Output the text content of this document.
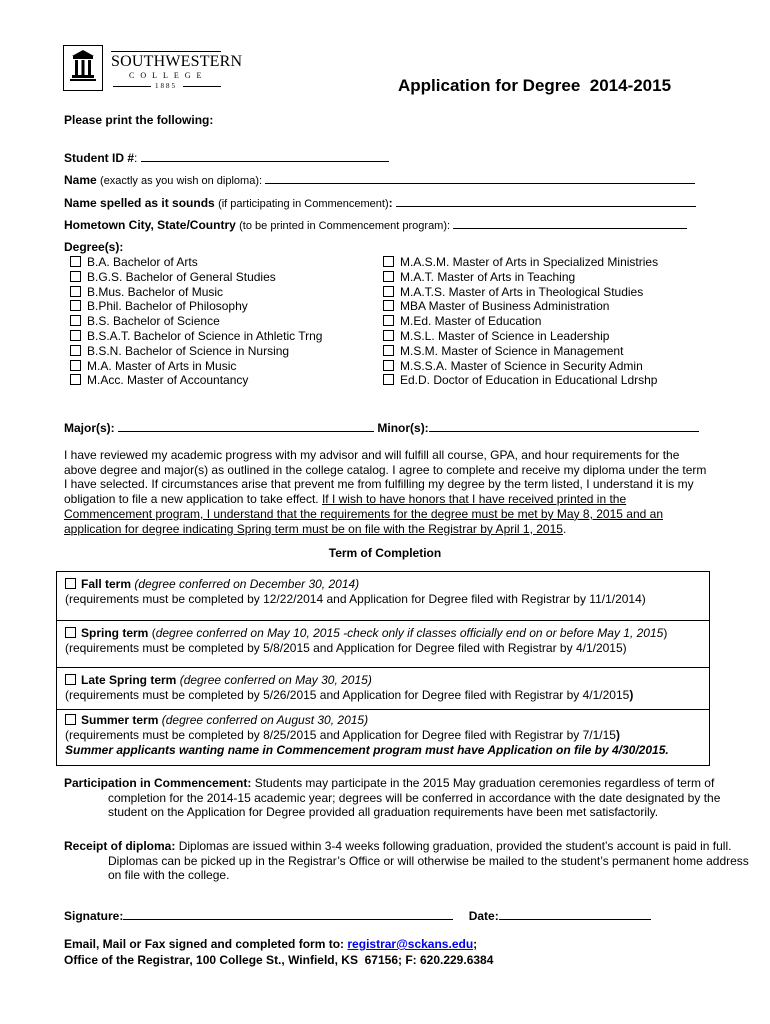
SOUTHWESTERN
COLLEGE
1885	Application for Degree  2014-2015
Please print the following:
Student ID #:
Name (exactly as you wish on diploma):
Name spelled as it sounds (if participating in Commencement):
Hometown City, State/Country (to be printed in Commencement program):
Degree(s):
B.A. Bachelor of Arts
B.G.S. Bachelor of General Studies
B.Mus. Bachelor of Music
B.Phil. Bachelor of Philosophy
B.S. Bachelor of Science
B.S.A.T. Bachelor of Science in Athletic Trng
B.S.N. Bachelor of Science in Nursing
M.A. Master of Arts in Music
M.Acc. Master of Accountancy
M.A.S.M. Master of Arts in Specialized Ministries
M.A.T. Master of Arts in Teaching
M.A.T.S. Master of Arts in Theological Studies
MBA Master of Business Administration
M.Ed. Master of Education
M.S.L. Master of Science in Leadership
M.S.M. Master of Science in Management
M.S.S.A. Master of Science in Security Admin
Ed.D. Doctor of Education in Educational Ldrshp
Major(s):	Minor(s):
I have reviewed my academic progress with my advisor and will fulfill all course, GPA, and hour requirements for the above degree and major(s) as outlined in the college catalog. I agree to complete and receive my diploma under the term I have selected. If circumstances arise that prevent me from fulfilling my degree by the term listed, I understand it is my obligation to file a new application to take effect. If I wish to have honors that I have received printed in the Commencement program, I understand that the requirements for the degree must be met by May 8, 2015 and an application for degree indicating Spring term must be on file with the Registrar by April 1, 2015.
Term of Completion
Fall term (degree conferred on December 30, 2014)
(requirements must be completed by 12/22/2014 and Application for Degree filed with Registrar by 11/1/2014)
Spring term (degree conferred on May 10, 2015 -check only if classes officially end on or before May 1, 2015)
(requirements must be completed by 5/8/2015 and Application for Degree filed with Registrar by 4/1/2015)
Late Spring term (degree conferred on May 30, 2015)
(requirements must be completed by 5/26/2015 and Application for Degree filed with Registrar by 4/1/2015)
Summer term (degree conferred on August 30, 2015)
(requirements must be completed by 8/25/2015 and Application for Degree filed with Registrar by 7/1/15)
Summer applicants wanting name in Commencement program must have Application on file by 4/30/2015.
Participation in Commencement: Students may participate in the 2015 May graduation ceremonies regardless of term of completion for the 2014-15 academic year; degrees will be conferred in accordance with the date designated by the student on the Application for Degree provided all graduation requirements have been met satisfactorily.
Receipt of diploma: Diplomas are issued within 3-4 weeks following graduation, provided the student’s account is paid in full. Diplomas can be picked up in the Registrar’s Office or will otherwise be mailed to the student’s permanent home address on file with the college.
Signature:	Date:
Email, Mail or Fax signed and completed form to: registrar@sckans.edu;
Office of the Registrar, 100 College St., Winfield, KS  67156; F: 620.229.6384
